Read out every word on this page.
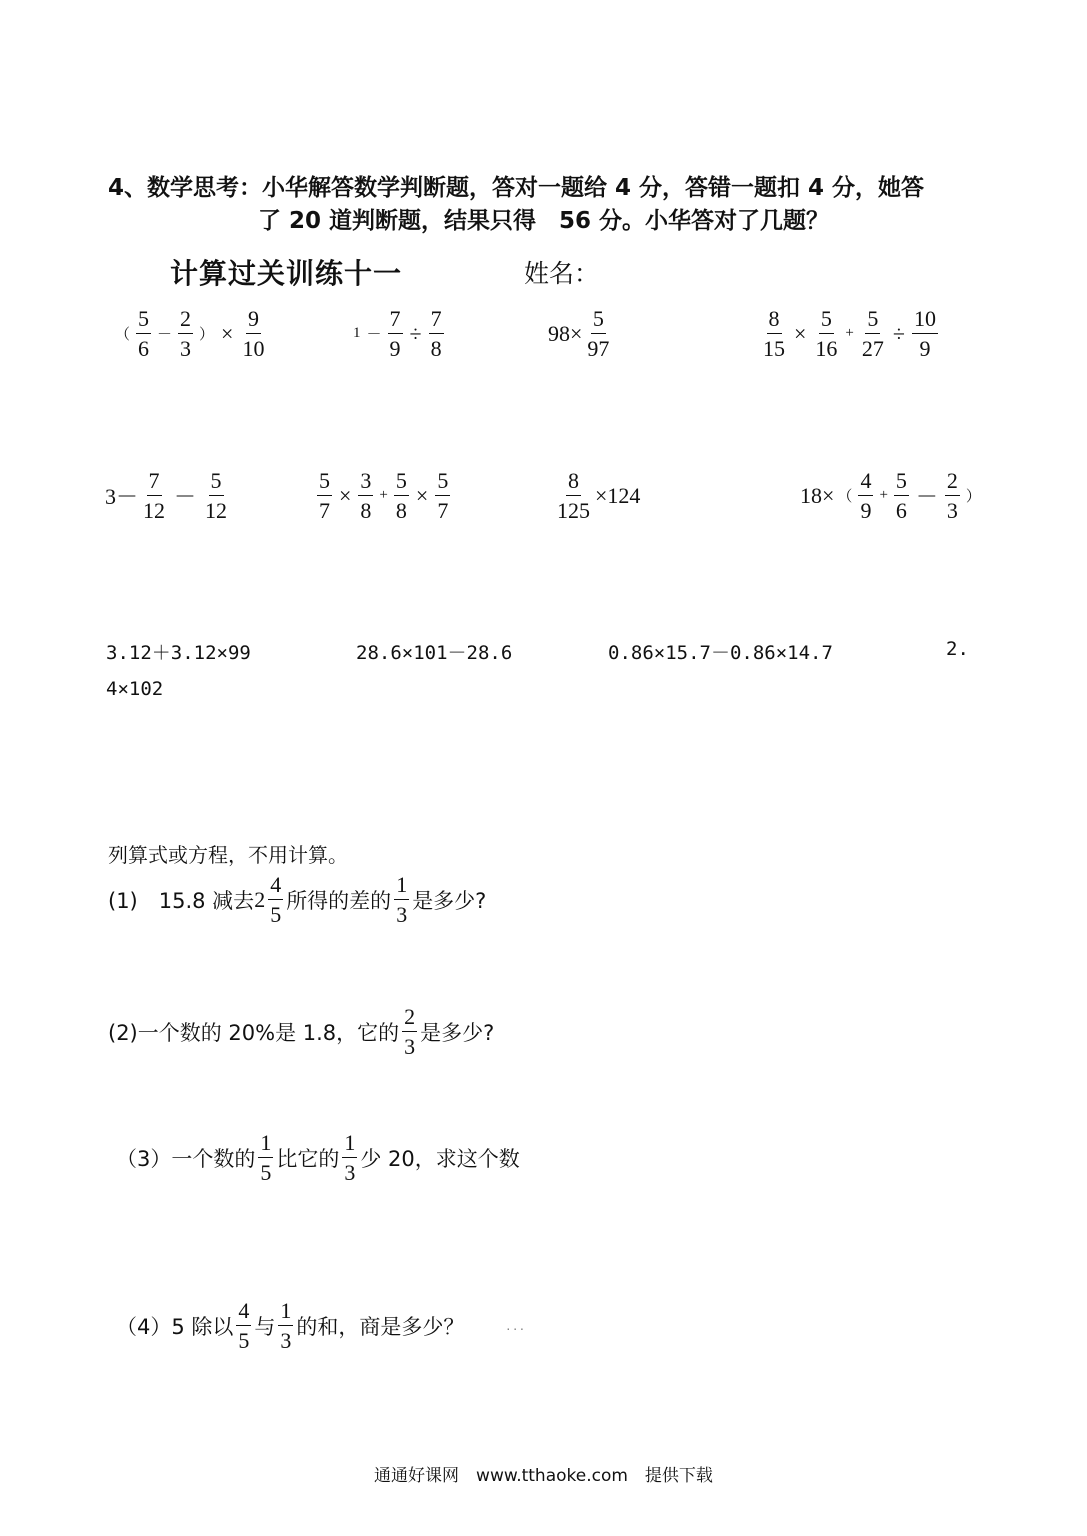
4、数学思考：小华解答数学判断题，答对一题给 4 分，答错一题扣 4 分，她答
了 20 道判断题，结果只得　56 分。小华答对了几题？
计算过关训练十一	姓名：
（ $\frac{5}{6} - \frac{2}{3}$ ） × $\frac{9}{10}$	$1 - \frac{7}{9} \div \frac{7}{8}$	$98\times \frac{5}{97}$	$\frac{8}{15} \times \frac{5}{16} + \frac{5}{27} \div \frac{10}{9}$
$3- \frac{7}{12} - \frac{5}{12}$	$\frac{5}{7} \times \frac{3}{8} + \frac{5}{8} \times \frac{5}{7}$	$\frac{8}{125} \times 124$	18× （ $\frac{4}{9} + \frac{5}{6} - \frac{2}{3}$ ）
3.12＋3.12×99	28.6×101－28.6	0.86×15.7－0.86×14.7	2.
4×102
列算式或方程，不用计算。
(1)　15.8 减去 $2 \frac{4}{5}$ 所得的差的 $\frac{1}{3}$ 是多少?
(2)一个数的 20%是 1.8，它的 $\frac{2}{3}$ 是多少?
（3）一个数的 $\frac{1}{5}$ 比它的 $\frac{1}{3}$ 少 20，求这个数
（4）5 除以 $\frac{4}{5}$ 与 $\frac{1}{3}$ 的和，商是多少？	...
通通好课网　www.tthaoke.com　提供下载
